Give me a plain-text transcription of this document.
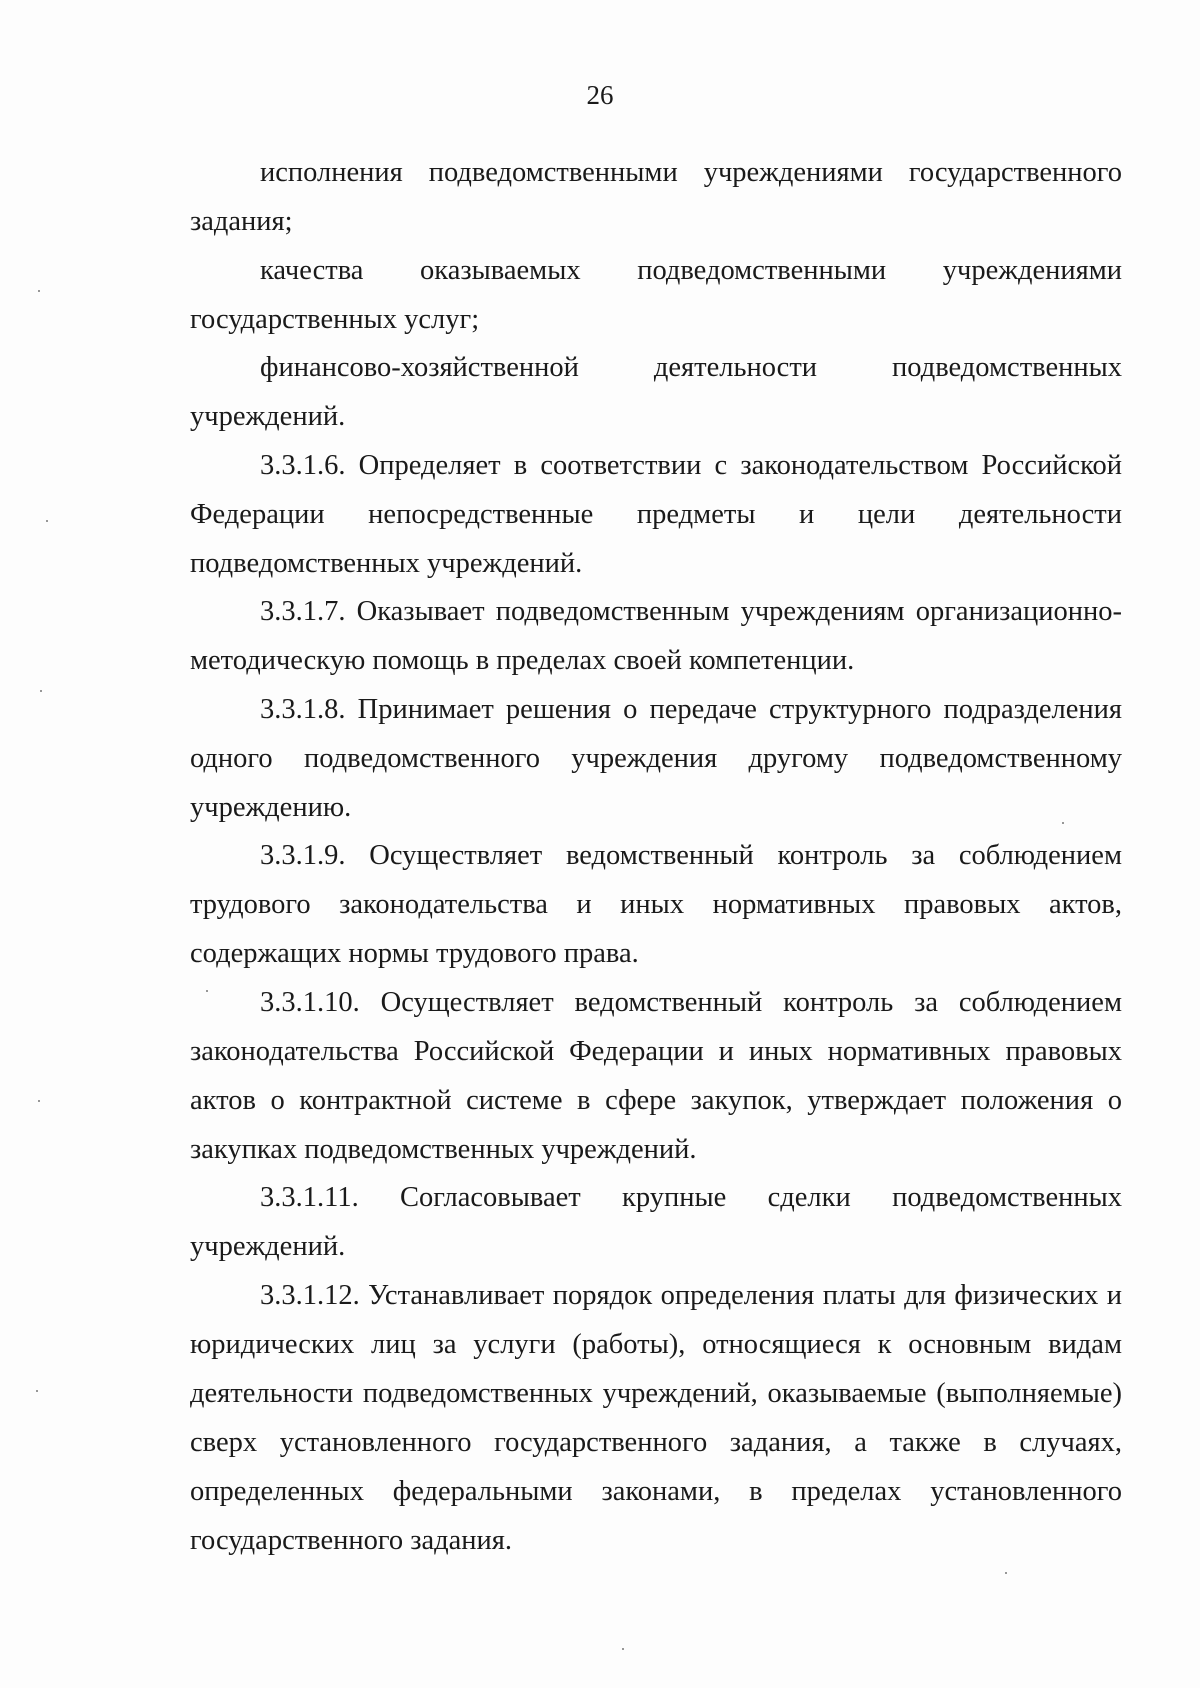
26

исполнения подведомственными учреждениями государственного задания;

качества оказываемых подведомственными учреждениями государственных услуг;

финансово-хозяйственной деятельности подведомственных учреждений.

3.3.1.6. Определяет в соответствии с законодательством Российской Федерации непосредственные предметы и цели деятельности подведомственных учреждений.

3.3.1.7. Оказывает подведомственным учреждениям организационно-методическую помощь в пределах своей компетенции.

3.3.1.8. Принимает решения о передаче структурного подразделения одного подведомственного учреждения другому подведомственному учреждению.

3.3.1.9. Осуществляет ведомственный контроль за соблюдением трудового законодательства и иных нормативных правовых актов, содержащих нормы трудового права.

3.3.1.10. Осуществляет ведомственный контроль за соблюдением законодательства Российской Федерации и иных нормативных правовых актов о контрактной системе в сфере закупок, утверждает положения о закупках подведомственных учреждений.

3.3.1.11. Согласовывает крупные сделки подведомственных учреждений.

3.3.1.12. Устанавливает порядок определения платы для физических и юридических лиц за услуги (работы), относящиеся к основным видам деятельности подведомственных учреждений, оказываемые (выполняемые) сверх установленного государственного задания, а также в случаях, определенных федеральными законами, в пределах установленного государственного задания.
